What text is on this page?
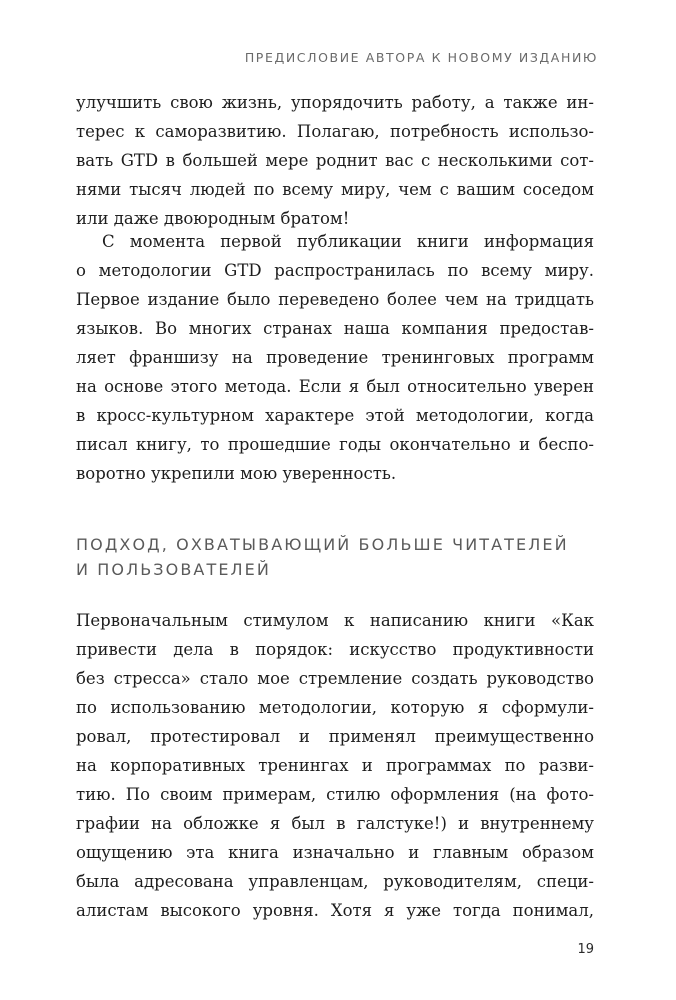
ПРЕДИСЛОВИЕ АВТОРА К НОВОМУ ИЗДАНИЮ
улучшить свою жизнь, упорядочить работу, а также ин-
терес к саморазвитию. Полагаю, потребность использо-
вать GTD в большей мере роднит вас с несколькими сот-
нями тысяч людей по всему миру, чем с вашим соседом
или даже двоюродным братом!
С момента первой публикации книги информация
о методологии GTD распространилась по всему миру.
Первое издание было переведено более чем на тридцать
языков. Во многих странах наша компания предостав-
ляет франшизу на проведение тренинговых программ
на основе этого метода. Если я был относительно уверен
в кросс-культурном характере этой методологии, когда
писал книгу, то прошедшие годы окончательно и беспо-
воротно укрепили мою уверенность.
ПОДХОД, ОХВАТЫВАЮЩИЙ БОЛЬШЕ ЧИТАТЕЛЕЙ
И ПОЛЬЗОВАТЕЛЕЙ
Первоначальным стимулом к написанию книги «Как
привести дела в порядок: искусство продуктивности
без стресса» стало мое стремление создать руководство
по использованию методологии, которую я сформули-
ровал, протестировал и применял преимущественно
на корпоративных тренингах и программах по разви-
тию. По своим примерам, стилю оформления (на фото-
графии на обложке я был в галстуке!) и внутреннему
ощущению эта книга изначально и главным образом
была адресована управленцам, руководителям, специ-
алистам высокого уровня. Хотя я уже тогда понимал,
19
